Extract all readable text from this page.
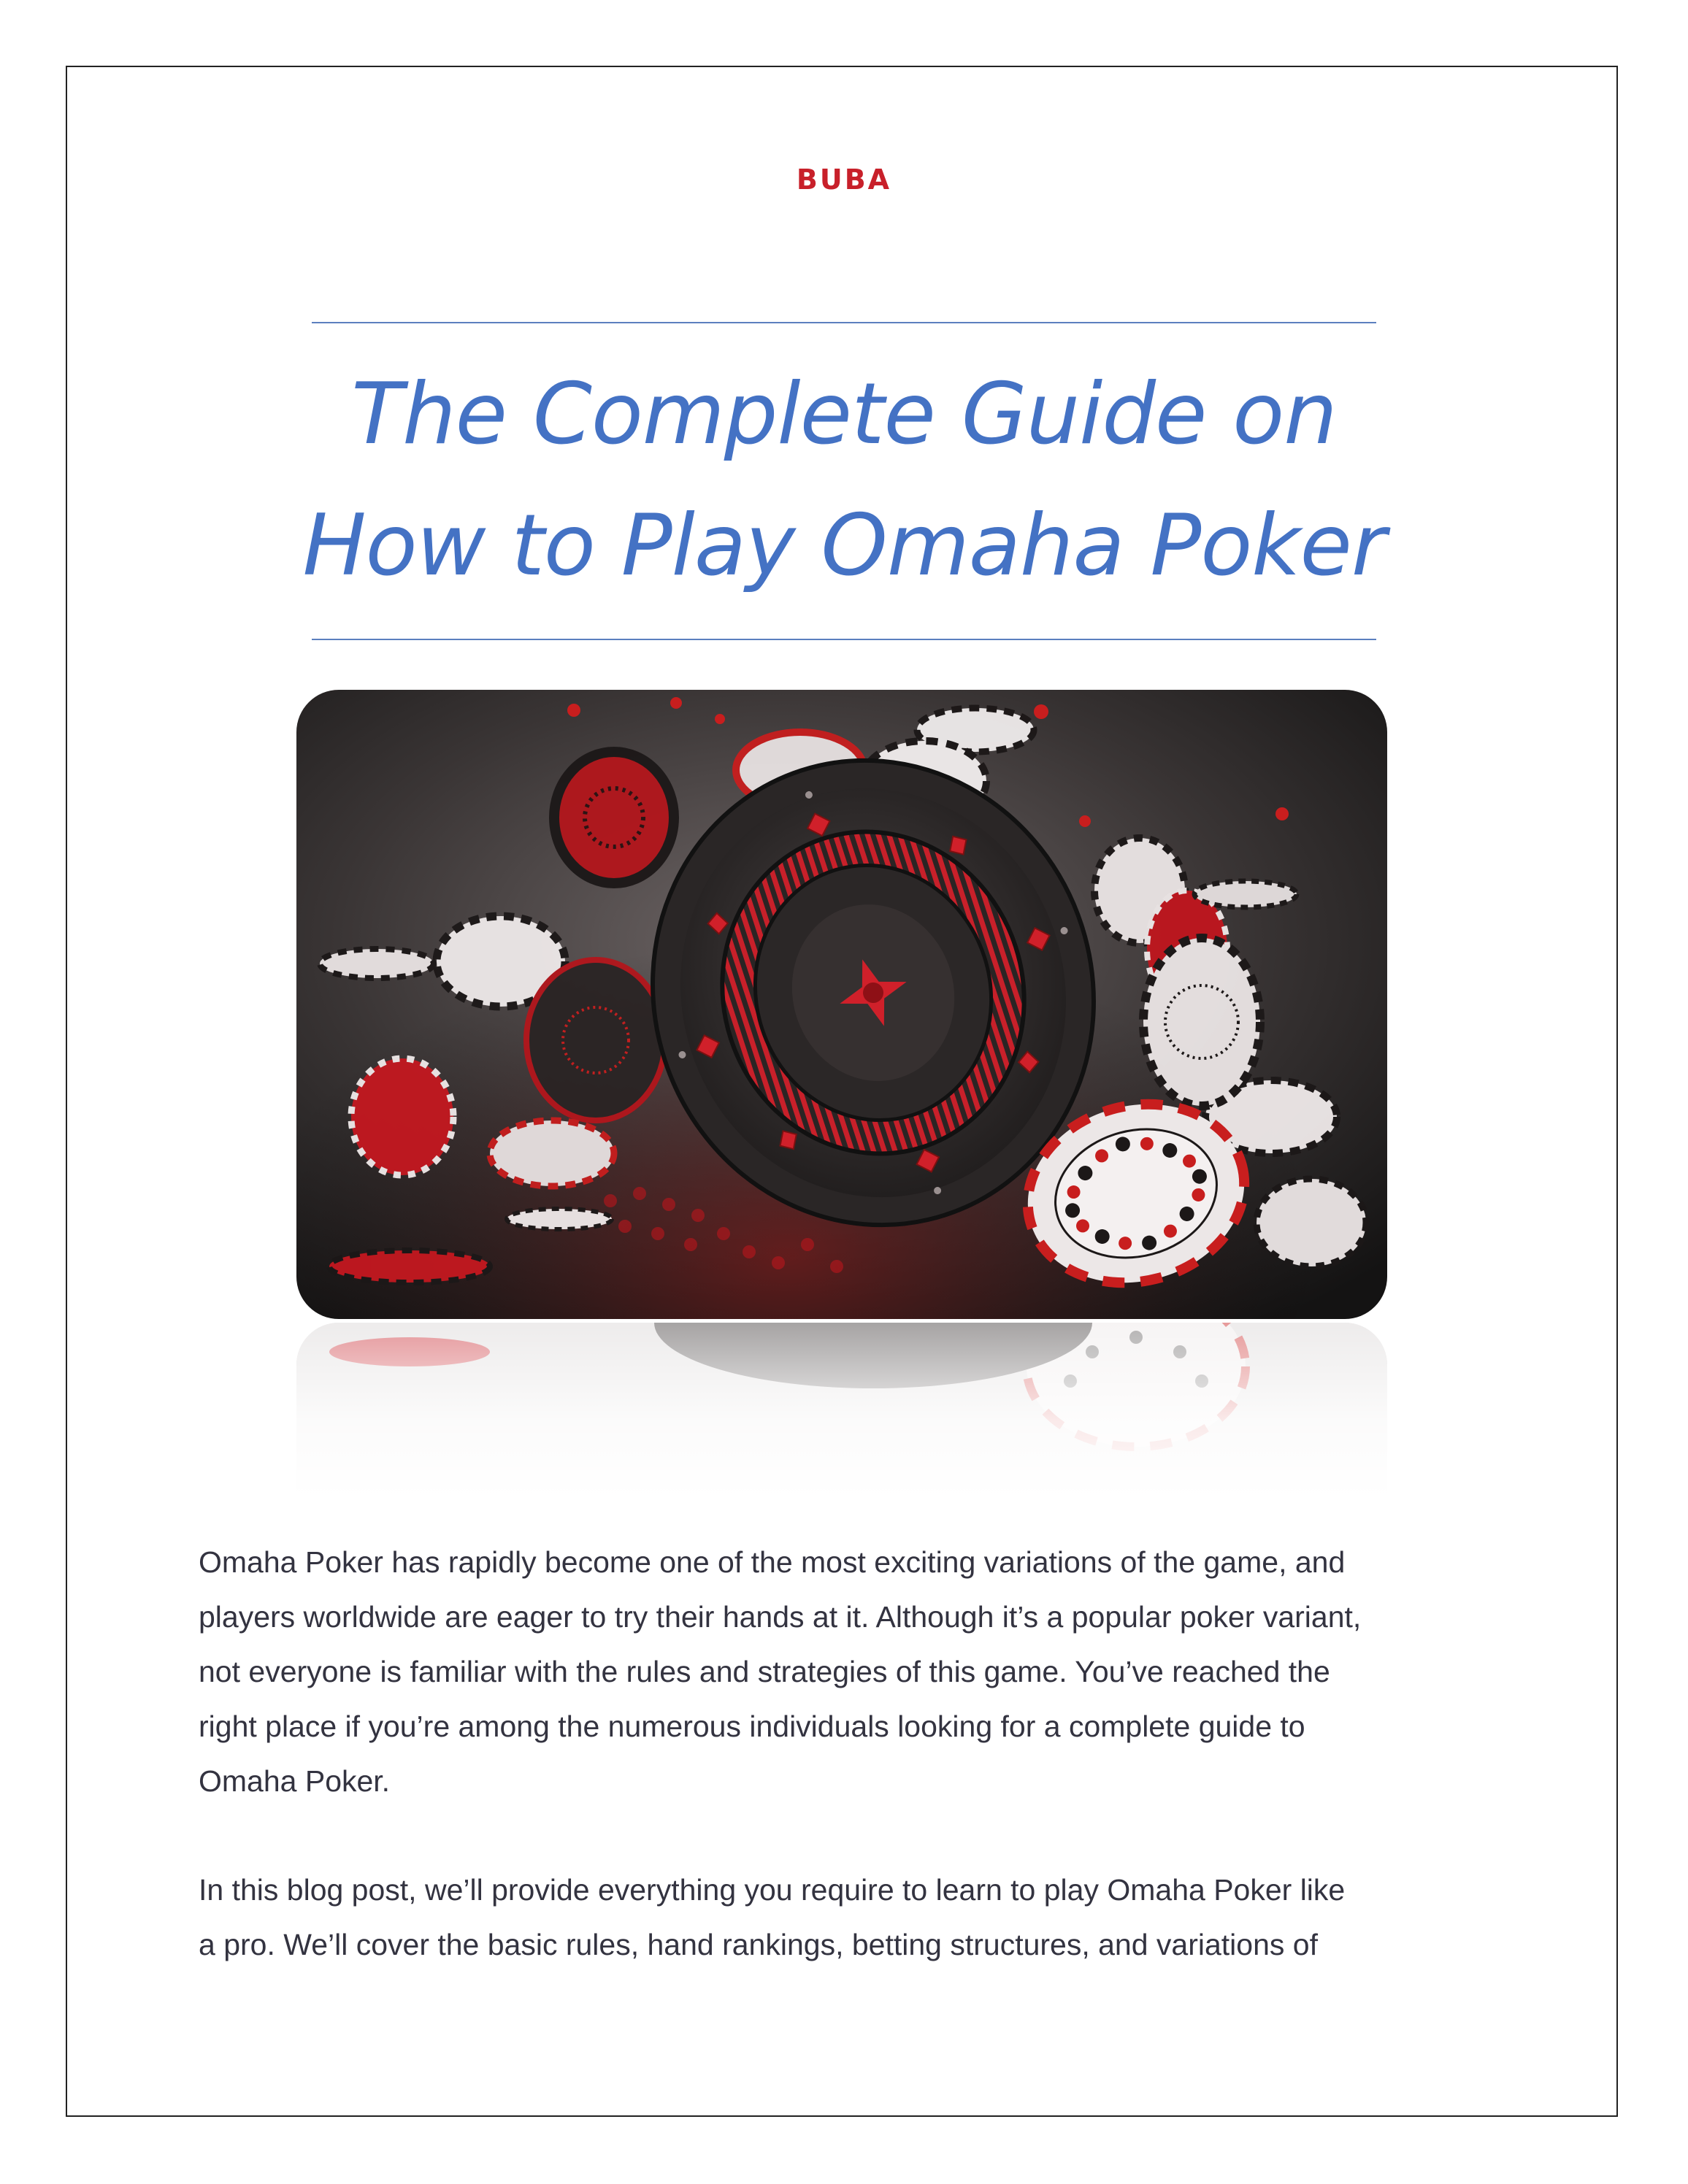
BUBA
The Complete Guide on
How to Play Omaha Poker
Omaha Poker has rapidly become one of the most exciting variations of the game, and
players worldwide are eager to try their hands at it. Although it’s a popular poker variant,
not everyone is familiar with the rules and strategies of this game. You’ve reached the
right place if you’re among the numerous individuals looking for a complete guide to
Omaha Poker.
In this blog post, we’ll provide everything you require to learn to play Omaha Poker like
a pro. We’ll cover the basic rules, hand rankings, betting structures, and variations of
